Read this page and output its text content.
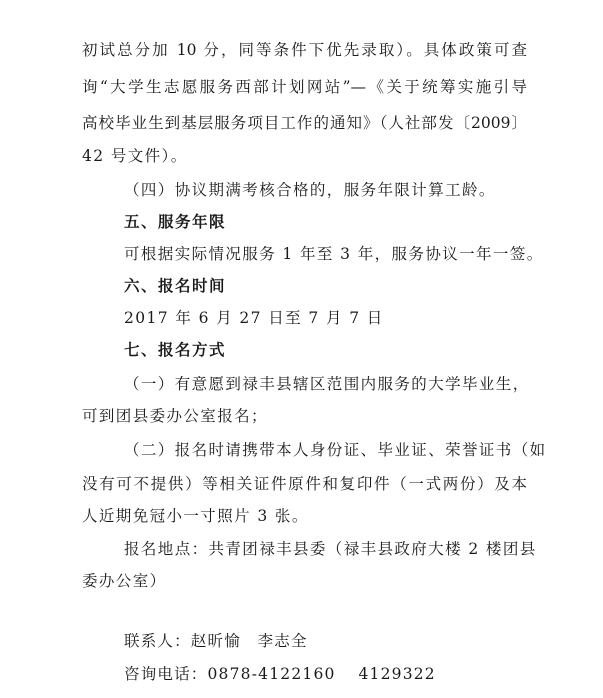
初试总分加 10 分，同等条件下优先录取）。具体政策可查
询“大学生志愿服务西部计划网站”—《关于统筹实施引导
高校毕业生到基层服务项目工作的通知》（人社部发〔2009〕
42 号文件）。
（四）协议期满考核合格的，服务年限计算工龄。
五、服务年限
可根据实际情况服务 1 年至 3 年，服务协议一年一签。
六、报名时间
2017 年 6 月 27 日至 7 月 7 日
七、报名方式
（一）有意愿到禄丰县辖区范围内服务的大学毕业生，
可到团县委办公室报名；
（二）报名时请携带本人身份证、毕业证、荣誉证书（如
没有可不提供）等相关证件原件和复印件（一式两份）及本
人近期免冠小一寸照片 3 张。
报名地点：共青团禄丰县委（禄丰县政府大楼 2 楼团县
委办公室）
联系人：赵昕愉　李志全
咨询电话：0878-4122160　 4129322
